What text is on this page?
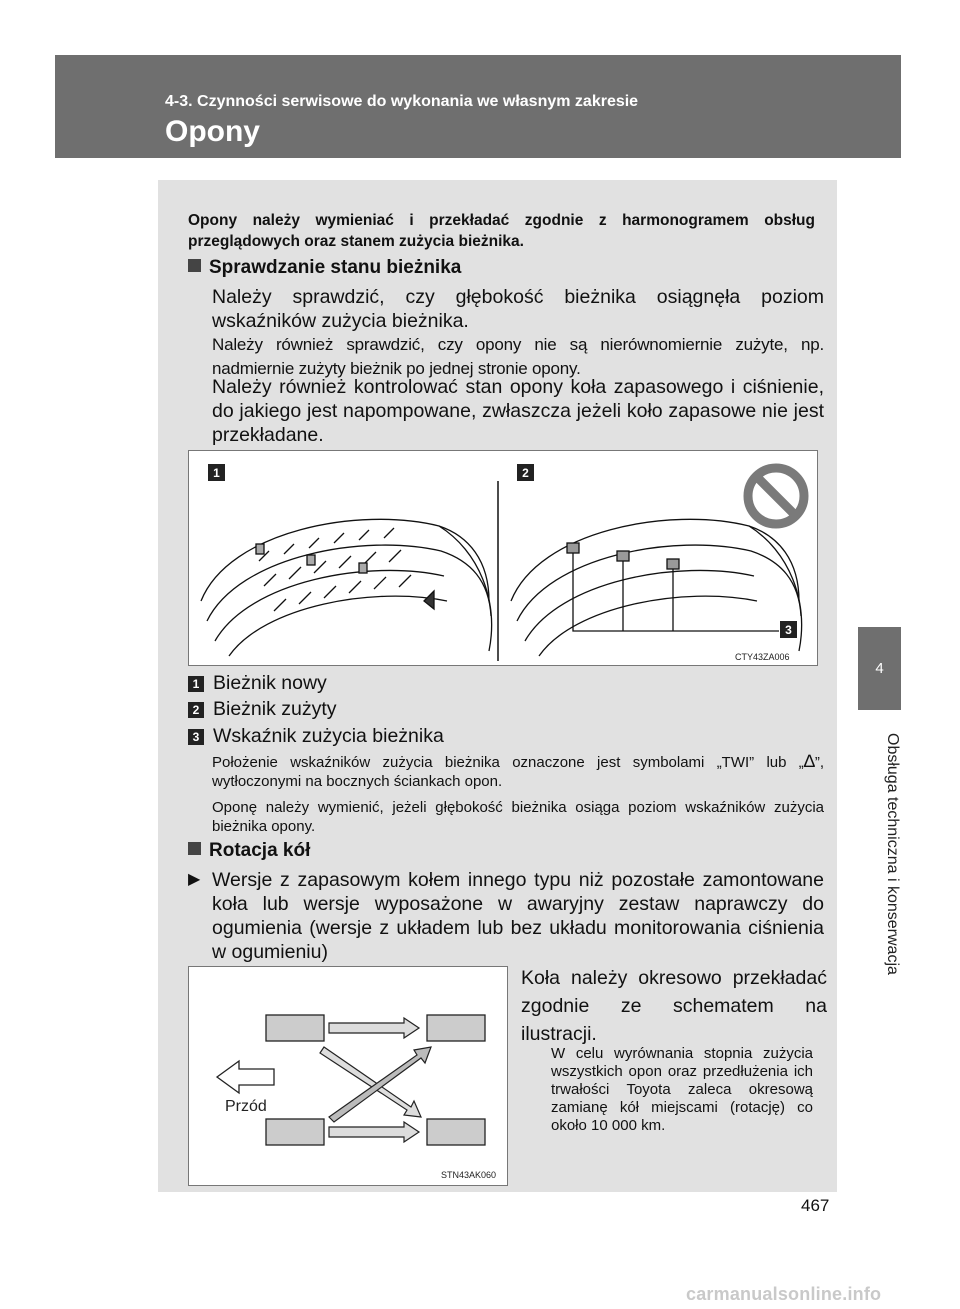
4-3. Czynności serwisowe do wykonania we własnym zakresie
Opony
4
Obsługa techniczna i konserwacja
Opony należy wymieniać i przekładać zgodnie z harmonogramem obsług przeglądowych oraz stanem zużycia bieżnika.
Sprawdzanie stanu bieżnika
Należy sprawdzić, czy głębokość bieżnika osiągnęła poziom wskaźników zużycia bieżnika.
Należy również sprawdzić, czy opony nie są nierównomiernie zużyte, np. nadmiernie zużyty bieżnik po jednej stronie opony.
Należy również kontrolować stan opony koła zapasowego i ciśnienie, do jakiego jest napompowane, zwłaszcza jeżeli koło zapasowe nie jest przekładane.
1	2
3
CTY43ZA006
1 Bieżnik nowy
2 Bieżnik zużyty
3 Wskaźnik zużycia bieżnika
Położenie wskaźników zużycia bieżnika oznaczone jest symbolami „TWI” lub „∆”, wytłoczonymi na bocznych ściankach opon.
Oponę należy wymienić, jeżeli głębokość bieżnika osiąga poziom wskaźników zużycia bieżnika opony.
Rotacja kół
▶ Wersje z zapasowym kołem innego typu niż pozostałe zamontowane koła lub wersje wyposażone w awaryjny zestaw naprawczy do ogumienia (wersje z układem lub bez układu monitorowania ciśnienia w ogumieniu)
Przód
STN43AK060
Koła należy okresowo przekładać zgodnie ze schematem na ilustracji.
W celu wyrównania stopnia zużycia wszystkich opon oraz przedłużenia ich trwałości Toyota zaleca okresową zamianę kół miejscami (rotację) co około 10 000 km.
467
carmanualsonline.info
